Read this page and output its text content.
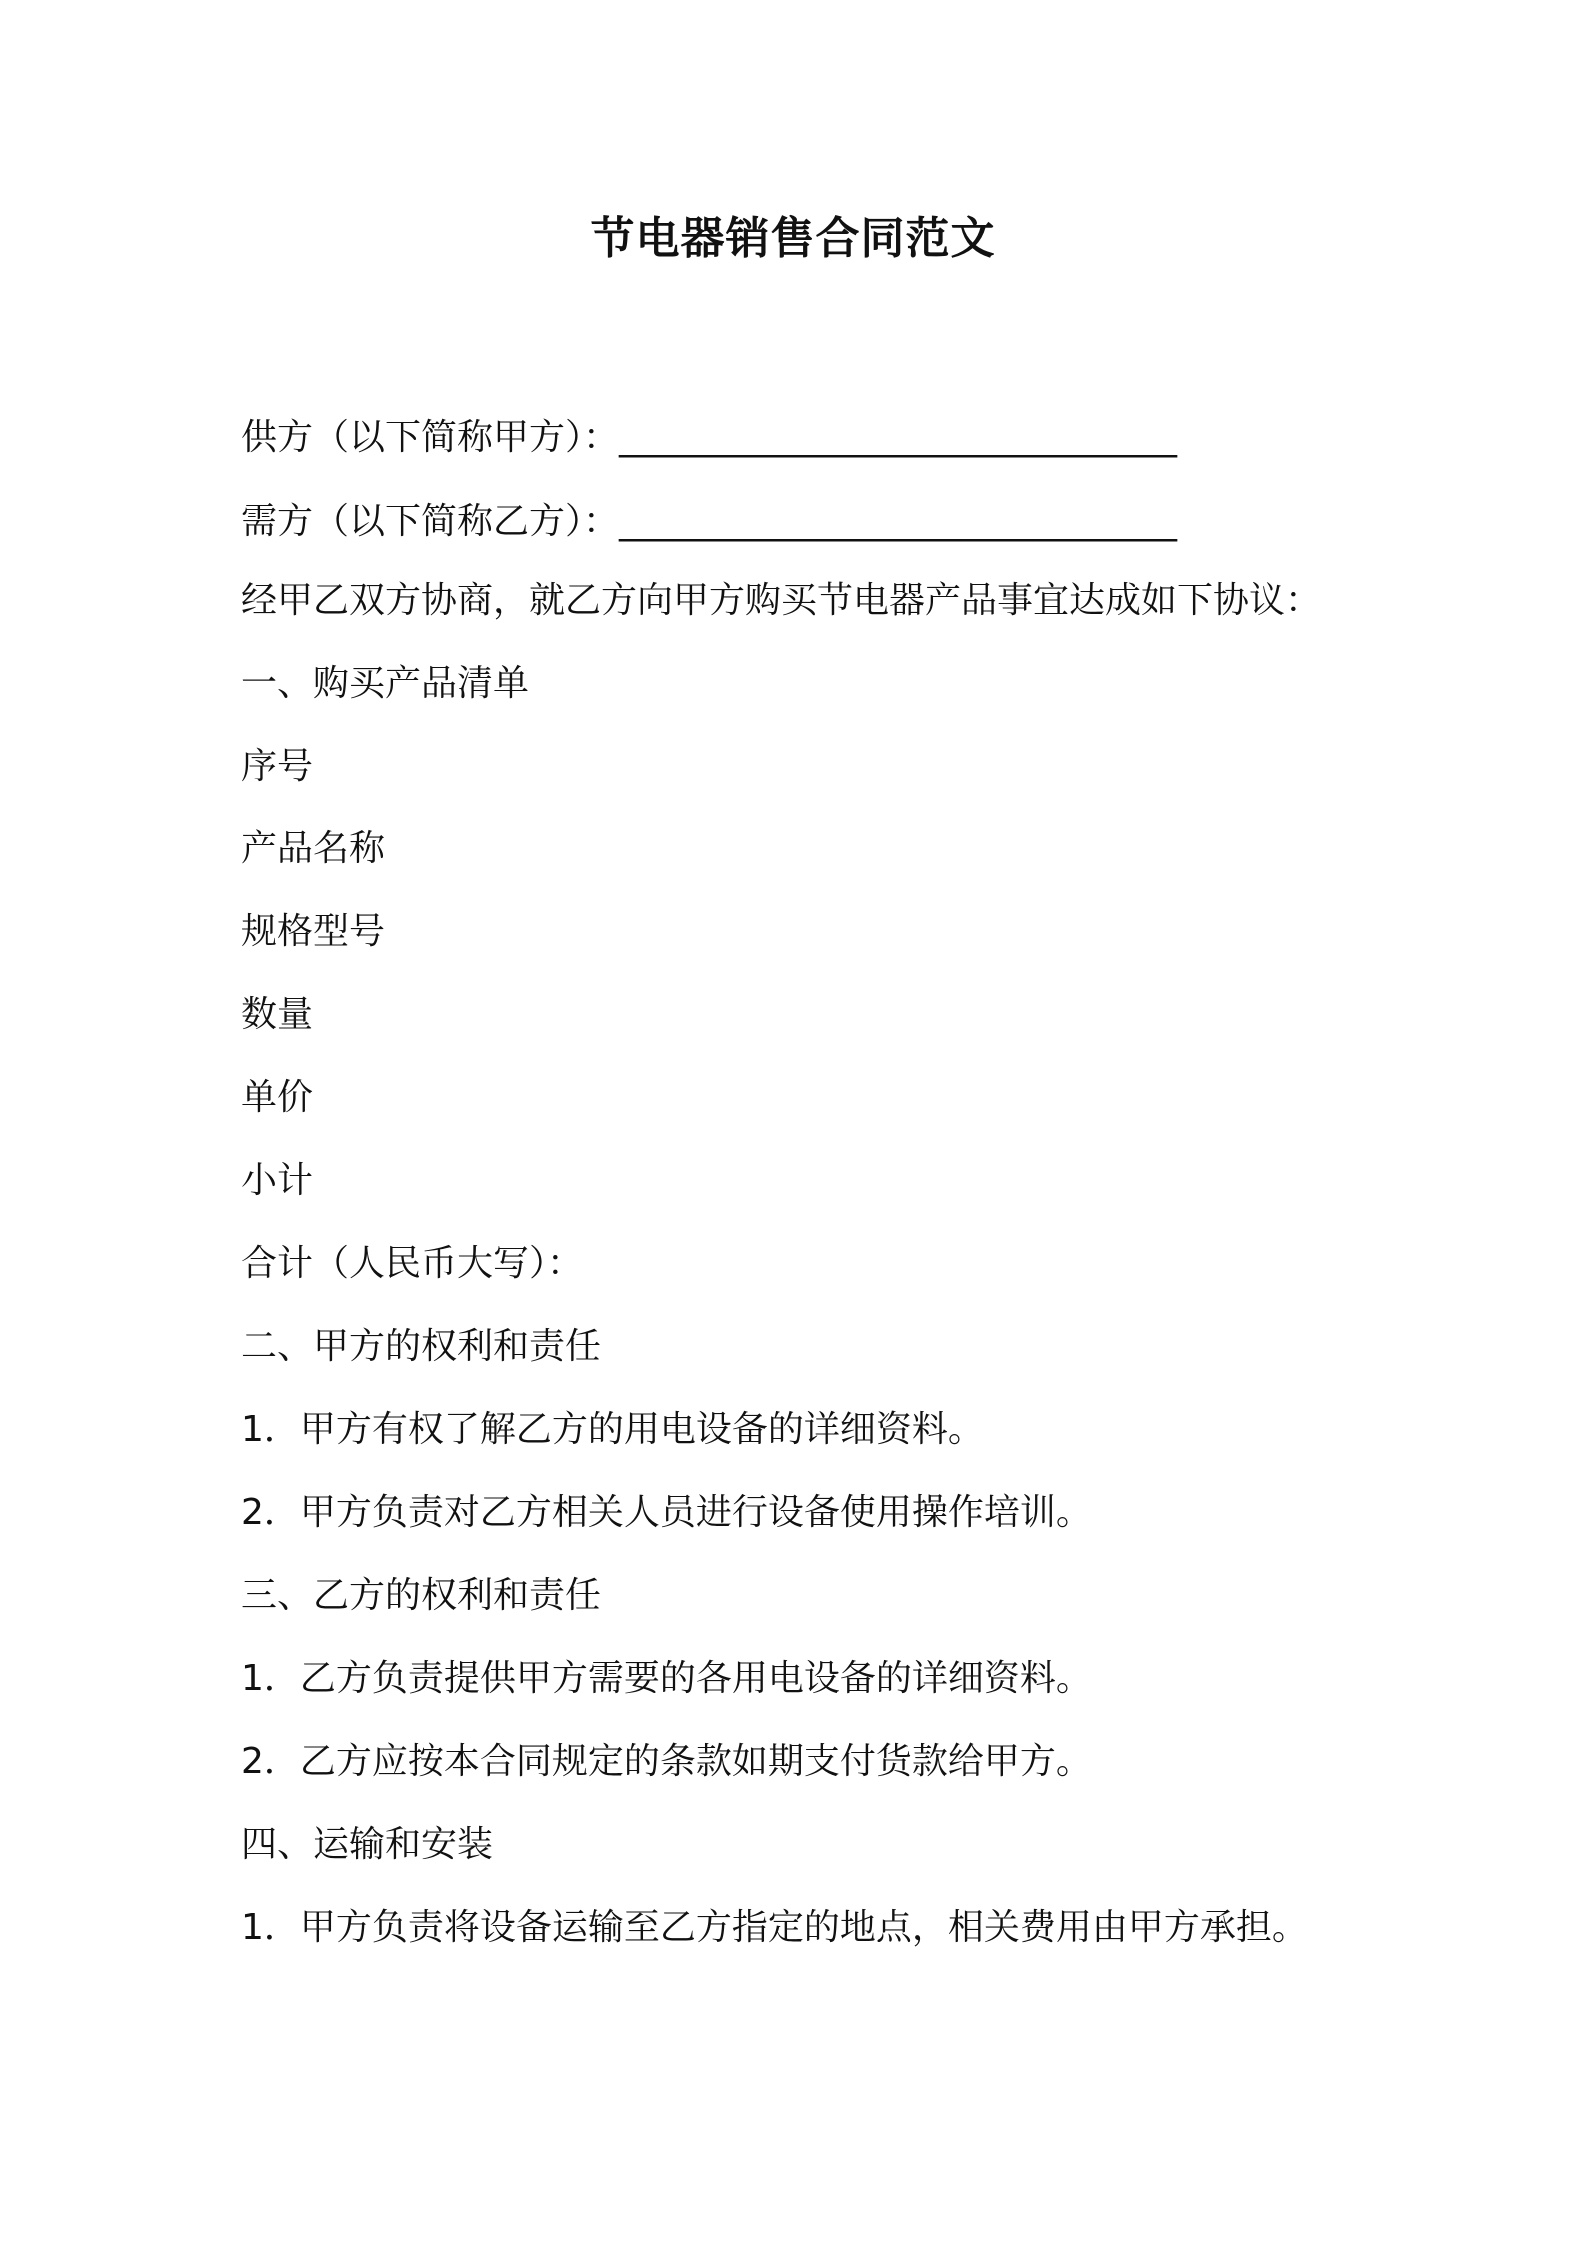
节电器销售合同范文

供方（以下简称甲方）：_______________________________

需方（以下简称乙方）：_______________________________

经甲乙双方协商，就乙方向甲方购买节电器产品事宜达成如下协议：

一、购买产品清单

序号

产品名称

规格型号

数量

单价

小计

合计（人民币大写）：

二、甲方的权利和责任

1．甲方有权了解乙方的用电设备的详细资料。

2．甲方负责对乙方相关人员进行设备使用操作培训。

三、乙方的权利和责任

1．乙方负责提供甲方需要的各用电设备的详细资料。

2．乙方应按本合同规定的条款如期支付货款给甲方。

四、运输和安装

1．甲方负责将设备运输至乙方指定的地点，相关费用由甲方承担。
